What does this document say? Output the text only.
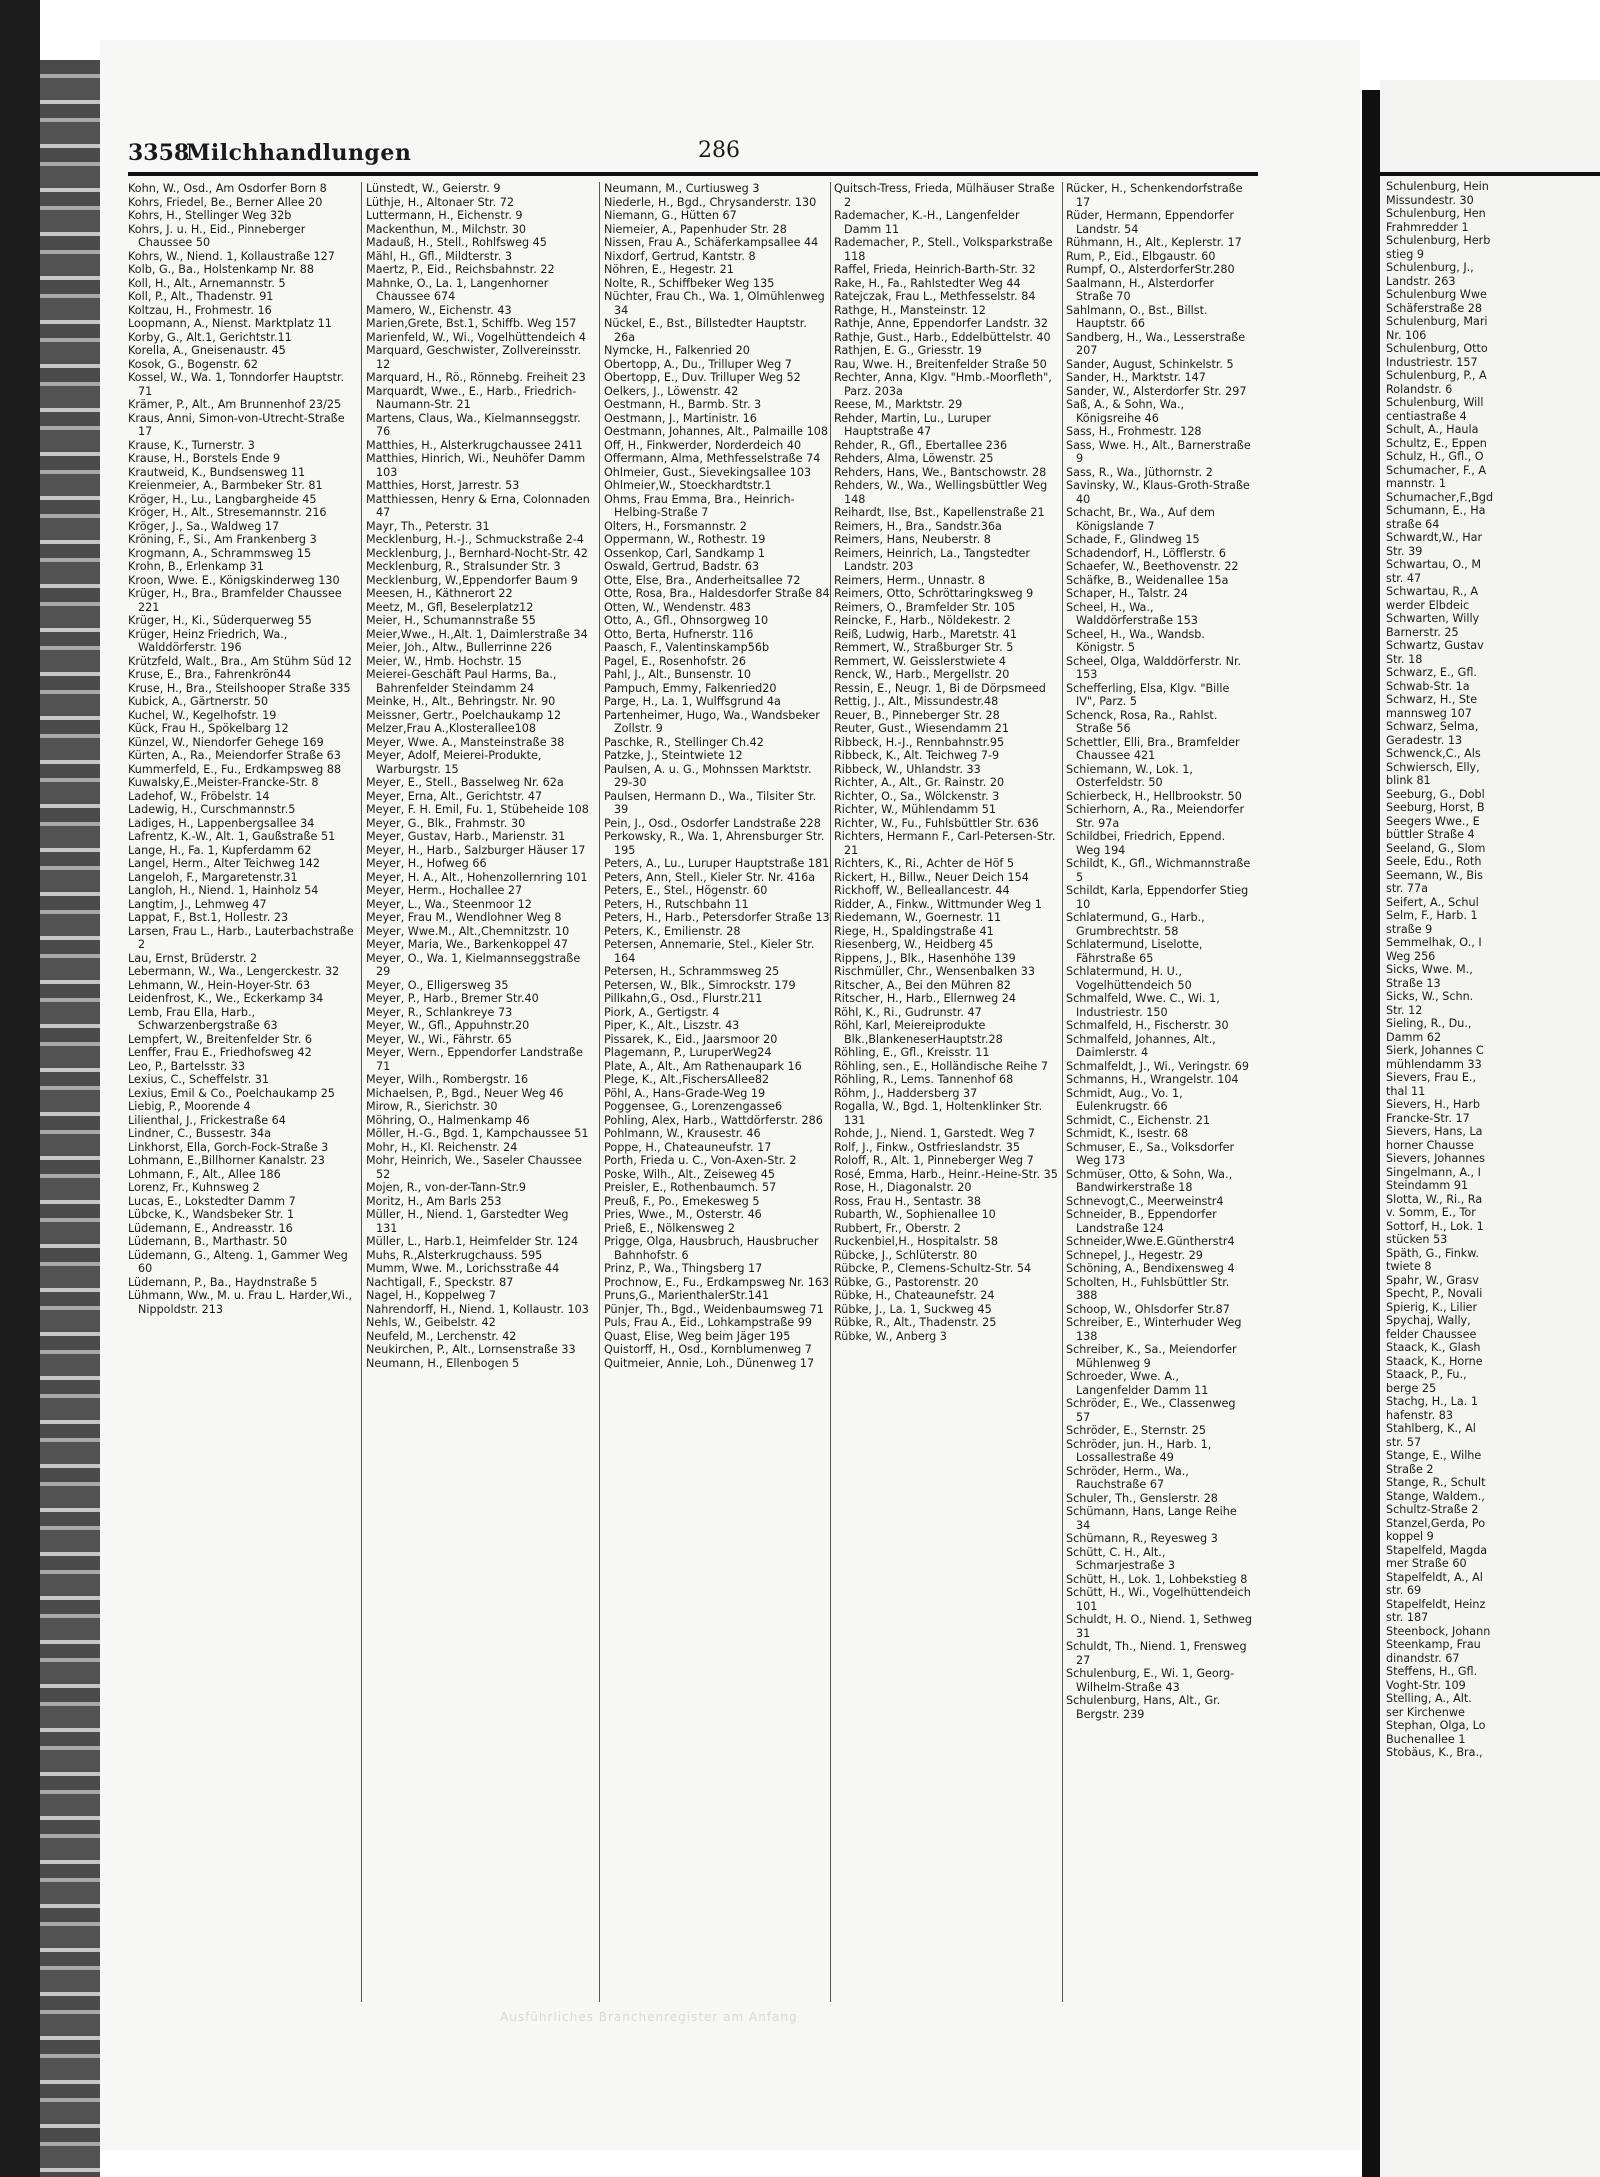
3358
Milchhandlungen	286

Kohn, W., Osd., Am Osdorfer Born 8

Kohrs, Friedel, Be., Berner Allee 20

Kohrs, H., Stellinger Weg 32b

Kohrs, J. u. H., Eid., Pinneberger Chaussee 50

Kohrs, W., Niend. 1, Kollaustraße 127

Kolb, G., Ba., Holstenkamp Nr. 88

Koll, H., Alt., Arnemannstr. 5

Koll, P., Alt., Thadenstr. 91

Koltzau, H., Frohmestr. 16

Loopmann, A., Nienst. Marktplatz 11

Korby, G., Alt.1, Gerichtstr.11

Korella, A., Gneisenaustr. 45

Kosok, G., Bogenstr. 62

Kossel, W., Wa. 1, Tonndorfer Hauptstr. 71

Krämer, P., Alt., Am Brunnenhof 23/25

Kraus, Anni, Simon-von-Utrecht-Straße 17

Krause, K., Turnerstr. 3

Krause, H., Borstels Ende 9

Krautweid, K., Bundsensweg 11

Kreienmeier, A., Barmbeker Str. 81

Kröger, H., Lu., Langbargheide 45

Kröger, H., Alt., Stresemannstr. 216

Kröger, J., Sa., Waldweg 17

Kröning, F., Si., Am Frankenberg 3

Krogmann, A., Schrammsweg 15

Krohn, B., Erlenkamp 31

Kroon, Wwe. E., Königskinderweg 130

Krüger, H., Bra., Bramfelder Chaussee 221

Krüger, H., Ki., Süderquerweg 55

Krüger, Heinz Friedrich, Wa., Walddörferstr. 196

Krützfeld, Walt., Bra., Am Stühm Süd 12

Kruse, E., Bra., Fahrenkrön44

Kruse, H., Bra., Steilshooper Straße 335

Kubick, A., Gärtnerstr. 50

Kuchel, W., Kegelhofstr. 19

Kück, Frau H., Spökelbarg 12

Künzel, W., Niendorfer Gehege 169

Kürten, A., Ra., Meiendorfer Straße 63

Kummerfeld, E., Fu., Erdkampsweg 88

Kuwalsky,E.,Meister-Francke-Str. 8

Ladehof, W., Fröbelstr. 14

Ladewig, H., Curschmannstr.5

Ladiges, H., Lappenbergsallee 34

Lafrentz, K.-W., Alt. 1, Gaußstraße 51

Lange, H., Fa. 1, Kupferdamm 62

Langel, Herm., Alter Teichweg 142

Langeloh, F., Margaretenstr.31

Langloh, H., Niend. 1, Hainholz 54

Langtim, J., Lehmweg 47

Lappat, F., Bst.1, Hollestr. 23

Larsen, Frau L., Harb., Lauterbachstraße 2

Lau, Ernst, Brüderstr. 2

Lebermann, W., Wa., Lengerckestr. 32

Lehmann, W., Hein-Hoyer-Str. 63

Leidenfrost, K., We., Eckerkamp 34

Lemb, Frau Ella, Harb., Schwarzenbergstraße 63

Lempfert, W., Breitenfelder Str. 6

Lenffer, Frau E., Friedhofsweg 42

Leo, P., Bartelsstr. 33

Lexius, C., Scheffelstr. 31

Lexius, Emil & Co., Poelchaukamp 25

Liebig, P., Moorende 4

Lilienthal, J., Frickestraße 64

Lindner, C., Bussestr. 34a

Linkhorst, Ella, Gorch-Fock-Straße 3

Lohmann, E.,Billhorner Kanalstr. 23

Lohmann, F., Alt., Allee 186

Lorenz, Fr., Kuhnsweg 2

Lucas, E., Lokstedter Damm 7

Lübcke, K., Wandsbeker Str. 1

Lüdemann, E., Andreasstr. 16

Lüdemann, B., Marthastr. 50

Lüdemann, G., Alteng. 1, Gammer Weg 60

Lüdemann, P., Ba., Haydnstraße 5

Lühmann, Ww., M. u. Frau L. Harder,Wi., Nippoldstr. 213

Lünstedt, W., Geierstr. 9

Lüthje, H., Altonaer Str. 72

Luttermann, H., Eichenstr. 9

Mackenthun, M., Milchstr. 30

Madauß, H., Stell., Rohlfsweg 45

Mähl, H., Gfl., Mildterstr. 3

Maertz, P., Eid., Reichsbahnstr. 22

Mahnke, O., La. 1, Langenhorner Chaussee 674

Mamero, W., Eichenstr. 43

Marien,Grete, Bst.1, Schiffb. Weg 157

Marienfeld, W., Wi., Vogelhüttendeich 4

Marquard, Geschwister, Zollvereinsstr. 12

Marquard, H., Rö., Rönnebg. Freiheit 23

Marquardt, Wwe., E., Harb., Friedrich-Naumann-Str. 21

Martens, Claus, Wa., Kielmannseggstr. 76

Matthies, H., Alsterkrugchaussee 2411

Matthies, Hinrich, Wi., Neuhöfer Damm 103

Matthies, Horst, Jarrestr. 53

Matthiessen, Henry & Erna, Colonnaden 47

Mayr, Th., Peterstr. 31

Mecklenburg, H.-J., Schmuckstraße 2-4

Mecklenburg, J., Bernhard-Nocht-Str. 42

Mecklenburg, R., Stralsunder Str. 3

Mecklenburg, W.,Eppendorfer Baum 9

Meesen, H., Käthnerort 22

Meetz, M., Gfl, Beselerplatz12

Meier, H., Schumannstraße 55

Meier,Wwe., H.,Alt. 1, Daimlerstraße 34

Meier, Joh., Altw., Bullerrinne 226

Meier, W., Hmb. Hochstr. 15

Meierei-Geschäft Paul Harms, Ba., Bahrenfelder Steindamm 24

Meinke, H., Alt., Behringstr. Nr. 90

Meissner, Gertr., Poelchaukamp 12

Melzer,Frau A.,Klosterallee108

Meyer, Wwe. A., Mansteinstraße 38

Meyer, Adolf, Meierei-Produkte, Warburgstr. 15

Meyer, E., Stell., Basselweg Nr. 62a

Meyer, Erna, Alt., Gerichtstr. 47

Meyer, F. H. Emil, Fu. 1, Stübeheide 108

Meyer, G., Blk., Frahmstr. 30

Meyer, Gustav, Harb., Marienstr. 31

Meyer, H., Harb., Salzburger Häuser 17

Meyer, H., Hofweg 66

Meyer, H. A., Alt., Hohenzollernring 101

Meyer, Herm., Hochallee 27

Meyer, L., Wa., Steenmoor 12

Meyer, Frau M., Wendlohner Weg 8

Meyer, Wwe.M., Alt.,Chemnitzstr. 10

Meyer, Maria, We., Barkenkoppel 47

Meyer, O., Wa. 1, Kielmannseggstraße 29

Meyer, O., Elligersweg 35

Meyer, P., Harb., Bremer Str.40

Meyer, R., Schlankreye 73

Meyer, W., Gfl., Appuhnstr.20

Meyer, W., Wi., Fährstr. 65

Meyer, Wern., Eppendorfer Landstraße 71

Meyer, Wilh., Rombergstr. 16

Michaelsen, P., Bgd., Neuer Weg 46

Mirow, R., Sierichstr. 30

Möhring, O., Halmenkamp 46

Möller, H.-G., Bgd. 1, Kampchaussee 51

Mohr, H., Kl. Reichenstr. 24

Mohr, Heinrich, We., Saseler Chaussee 52

Mojen, R., von-der-Tann-Str.9

Moritz, H., Am Barls 253

Müller, H., Niend. 1, Garstedter Weg 131

Müller, L., Harb.1, Heimfelder Str. 124

Muhs, R.,Alsterkrugchauss. 595

Mumm, Wwe. M., Lorichsstraße 44

Nachtigall, F., Speckstr. 87

Nagel, H., Koppelweg 7

Nahrendorff, H., Niend. 1, Kollaustr. 103

Nehls, W., Geibelstr. 42

Neufeld, M., Lerchenstr. 42

Neukirchen, P., Alt., Lornsenstraße 33

Neumann, H., Ellenbogen 5

Neumann, M., Curtiusweg 3

Niederle, H., Bgd., Chrysanderstr. 130

Niemann, G., Hütten 67

Niemeier, A., Papenhuder Str. 28

Nissen, Frau A., Schäferkampsallee 44

Nixdorf, Gertrud, Kantstr. 8

Nöhren, E., Hegestr. 21

Nolte, R., Schiffbeker Weg 135

Nüchter, Frau Ch., Wa. 1, Olmühlenweg 34

Nückel, E., Bst., Billstedter Hauptstr. 26a

Nymcke, H., Falkenried 20

Obertopp, A., Du., Trilluper Weg 7

Obertopp, E., Duv. Trilluper Weg 52

Oelkers, J., Löwenstr. 42

Oestmann, H., Barmb. Str. 3

Oestmann, J., Martinistr. 16

Oestmann, Johannes, Alt., Palmaille 108

Off, H., Finkwerder, Norderdeich 40

Offermann, Alma, Methfesselstraße 74

Ohlmeier, Gust., Sievekingsallee 103

Ohlmeier,W., Stoeckhardtstr.1

Ohms, Frau Emma, Bra., Heinrich-Helbing-Straße 7

Olters, H., Forsmannstr. 2

Oppermann, W., Rothestr. 19

Ossenkop, Carl, Sandkamp 1

Oswald, Gertrud, Badstr. 63

Otte, Else, Bra., Anderheitsallee 72

Otte, Rosa, Bra., Haldesdorfer Straße 84

Otten, W., Wendenstr. 483

Otto, A., Gfl., Ohnsorgweg 10

Otto, Berta, Hufnerstr. 116

Paasch, F., Valentinskamp56b

Pagel, E., Rosenhofstr. 26

Pahl, J., Alt., Bunsenstr. 10

Pampuch, Emmy, Falkenried20

Parge, H., La. 1, Wulffsgrund 4a

Partenheimer, Hugo, Wa., Wandsbeker Zollstr. 9

Paschke, R., Stellinger Ch.42

Patzke, J., Steintwiete 12

Paulsen, A. u. G., Mohnssen Marktstr. 29-30

Paulsen, Hermann D., Wa., Tilsiter Str. 39

Pein, J., Osd., Osdorfer Landstraße 228

Perkowsky, R., Wa. 1, Ahrensburger Str. 195

Peters, A., Lu., Luruper Hauptstraße 181

Peters, Ann, Stell., Kieler Str. Nr. 416a

Peters, E., Stel., Högenstr. 60

Peters, H., Rutschbahn 11

Peters, H., Harb., Petersdorfer Straße 13

Peters, K., Emilienstr. 28

Petersen, Annemarie, Stel., Kieler Str. 164

Petersen, H., Schrammsweg 25

Petersen, W., Blk., Simrockstr. 179

Pillkahn,G., Osd., Flurstr.211

Piork, A., Gertigstr. 4

Piper, K., Alt., Liszstr. 43

Pissarek, K., Eid., Jaarsmoor 20

Plagemann, P., LuruperWeg24

Plate, A., Alt., Am Rathenaupark 16

Plege, K., Alt.,FischersAllee82

Pöhl, A., Hans-Grade-Weg 19

Poggensee, G., Lorenzengasse6

Pohling, Alex, Harb., Wattdörferstr. 286

Pohlmann, W., Krausestr. 46

Poppe, H., Chateauneufstr. 17

Porth, Frieda u. C., Von-Axen-Str. 2

Poske, Wilh., Alt., Zeiseweg 45

Preisler, E., Rothenbaumch. 57

Preuß, F., Po., Emekesweg 5

Pries, Wwe., M., Osterstr. 46

Prieß, E., Nölkensweg 2

Prigge, Olga, Hausbruch, Hausbrucher Bahnhofstr. 6

Prinz, P., Wa., Thingsberg 17

Prochnow, E., Fu., Erdkampsweg Nr. 163

Pruns,G., MarienthalerStr.141

Pünjer, Th., Bgd., Weidenbaumsweg 71

Puls, Frau A., Eid., Lohkampstraße 99

Quast, Elise, Weg beim Jäger 195

Quistorff, H., Osd., Kornblumenweg 7

Quitmeier, Annie, Loh., Dünenweg 17

Quitsch-Tress, Frieda, Mülhäuser Straße 2

Rademacher, K.-H., Langenfelder Damm 11

Rademacher, P., Stell., Volksparkstraße 118

Raffel, Frieda, Heinrich-Barth-Str. 32

Rake, H., Fa., Rahlstedter Weg 44

Ratejczak, Frau L., Methfesselstr. 84

Rathge, H., Mansteinstr. 12

Rathje, Anne, Eppendorfer Landstr. 32

Rathje, Gust., Harb., Eddelbüttelstr. 40

Rathjen, E. G., Griesstr. 19

Rau, Wwe. H., Breitenfelder Straße 50

Rechter, Anna, Klgv. "Hmb.-Moorfleth", Parz. 203a

Reese, M., Marktstr. 29

Rehder, Martin, Lu., Luruper Hauptstraße 47

Rehder, R., Gfl., Ebertallee 236

Rehders, Alma, Löwenstr. 25

Rehders, Hans, We., Bantschowstr. 28

Rehders, W., Wa., Wellingsbüttler Weg 148

Reihardt, Ilse, Bst., Kapellenstraße 21

Reimers, H., Bra., Sandstr.36a

Reimers, Hans, Neuberstr. 8

Reimers, Heinrich, La., Tangstedter Landstr. 203

Reimers, Herm., Unnastr. 8

Reimers, Otto, Schröttaringksweg 9

Reimers, O., Bramfelder Str. 105

Reincke, F., Harb., Nöldekestr. 2

Reiß, Ludwig, Harb., Maretstr. 41

Remmert, W., Straßburger Str. 5

Remmert, W. Geisslerstwiete 4

Renck, W., Harb., Mergellstr. 20

Ressin, E., Neugr. 1, Bi de Dörpsmeed

Rettig, J., Alt., Missundestr.48

Reuer, B., Pinneberger Str. 28

Reuter, Gust., Wiesendamm 21

Ribbeck, H.-J., Rennbahnstr.95

Ribbeck, K., Alt. Teichweg 7-9

Ribbeck, W., Uhlandstr. 33

Richter, A., Alt., Gr. Rainstr. 20

Richter, O., Sa., Wölckenstr. 3

Richter, W., Mühlendamm 51

Richter, W., Fu., Fuhlsbüttler Str. 636

Richters, Hermann F., Carl-Petersen-Str. 21

Richters, K., Ri., Achter de Höf 5

Rickert, H., Billw., Neuer Deich 154

Rickhoff, W., Belleallancestr. 44

Ridder, A., Finkw., Wittmunder Weg 1

Riedemann, W., Goernestr. 11

Riege, H., Spaldingstraße 41

Riesenberg, W., Heidberg 45

Rippens, J., Blk., Hasenhöhe 139

Rischmüller, Chr., Wensenbalken 33

Ritscher, A., Bei den Mühren 82

Ritscher, H., Harb., Ellernweg 24

Röhl, K., Ri., Gudrunstr. 47

Röhl, Karl, Meiereiprodukte Blk.,BlankeneserHauptstr.28

Röhling, E., Gfl., Kreisstr. 11

Röhling, sen., E., Holländische Reihe 7

Röhling, R., Lems. Tannenhof 68

Röhm, J., Haddersberg 37

Rogalla, W., Bgd. 1, Holtenklinker Str. 131

Rohde, J., Niend. 1, Garstedt. Weg 7

Rolf, J., Finkw., Ostfrieslandstr. 35

Roloff, R., Alt. 1, Pinneberger Weg 7

Rosé, Emma, Harb., Heinr.-Heine-Str. 35

Rose, H., Diagonalstr. 20

Ross, Frau H., Sentastr. 38

Rubarth, W., Sophienallee 10

Rubbert, Fr., Oberstr. 2

Ruckenbiel,H., Hospitalstr. 58

Rübcke, J., Schlüterstr. 80

Rübcke, P., Clemens-Schultz-Str. 54

Rübke, G., Pastorenstr. 20

Rübke, H., Chateaunefstr. 24

Rübke, J., La. 1, Suckweg 45

Rübke, R., Alt., Thadenstr. 25

Rübke, W., Anberg 3

Rücker, H., Schenkendorfstraße 17

Rüder, Hermann, Eppendorfer Landstr. 54

Rühmann, H., Alt., Keplerstr. 17

Rum, P., Eid., Elbgaustr. 60

Rumpf, O., AlsterdorferStr.280

Saalmann, H., Alsterdorfer Straße 70

Sahlmann, O., Bst., Billst. Hauptstr. 66

Sandberg, H., Wa., Lesserstraße 207

Sander, August, Schinkelstr. 5

Sander, H., Marktstr. 147

Sander, W., Alsterdorfer Str. 297

Saß, A., & Sohn, Wa., Königsreihe 46

Sass, H., Frohmestr. 128

Sass, Wwe. H., Alt., Barnerstraße 9

Sass, R., Wa., Jüthornstr. 2

Savinsky, W., Klaus-Groth-Straße 40

Schacht, Br., Wa., Auf dem Königslande 7

Schade, F., Glindweg 15

Schadendorf, H., Löfflerstr. 6

Schaefer, W., Beethovenstr. 22

Schäfke, B., Weidenallee 15a

Schaper, H., Talstr. 24

Scheel, H., Wa., Walddörferstraße 153

Scheel, H., Wa., Wandsb. Königstr. 5

Scheel, Olga, Walddörferstr. Nr. 153

Schefferling, Elsa, Klgv. "Bille IV", Parz. 5

Schenck, Rosa, Ra., Rahlst. Straße 56

Schettler, Elli, Bra., Bramfelder Chaussee 421

Schiemann, W., Lok. 1, Osterfeldstr. 50

Schierbeck, H., Hellbrookstr. 50

Schierhorn, A., Ra., Meiendorfer Str. 97a

Schildbei, Friedrich, Eppend. Weg 194

Schildt, K., Gfl., Wichmannstraße 5

Schildt, Karla, Eppendorfer Stieg 10

Schlatermund, G., Harb., Grumbrechtstr. 58

Schlatermund, Liselotte, Fährstraße 65

Schlatermund, H. U., Vogelhüttendeich 50

Schmalfeld, Wwe. C., Wi. 1, Industriestr. 150

Schmalfeld, H., Fischerstr. 30

Schmalfeld, Johannes, Alt., Daimlerstr. 4

Schmalfeldt, J., Wi., Veringstr. 69

Schmanns, H., Wrangelstr. 104

Schmidt, Aug., Vo. 1, Eulenkrugstr. 66

Schmidt, C., Eichenstr. 21

Schmidt, K., Isestr. 68

Schmuser, E., Sa., Volksdorfer Weg 173

Schmüser, Otto, & Sohn, Wa., Bandwirkerstraße 18

Schnevogt,C., Meerweinstr4

Schneider, B., Eppendorfer Landstraße 124

Schneider,Wwe.E.Güntherstr4

Schnepel, J., Hegestr. 29

Schöning, A., Bendixensweg 4

Scholten, H., Fuhlsbüttler Str. 388

Schoop, W., Ohlsdorfer Str.87

Schreiber, E., Winterhuder Weg 138

Schreiber, K., Sa., Meiendorfer Mühlenweg 9

Schroeder, Wwe. A., Langenfelder Damm 11

Schröder, E., We., Classenweg 57

Schröder, E., Sternstr. 25

Schröder, jun. H., Harb. 1, Lossallestraße 49

Schröder, Herm., Wa., Rauchstraße 67

Schuler, Th., Genslerstr. 28

Schümann, Hans, Lange Reihe 34

Schümann, R., Reyesweg 3

Schütt, C. H., Alt., Schmarjestraße 3

Schütt, H., Lok. 1, Lohbekstieg 8

Schütt, H., Wi., Vogelhüttendeich 101

Schuldt, H. O., Niend. 1, Sethweg 31

Schuldt, Th., Niend. 1, Frensweg 27

Schulenburg, E., Wi. 1, Georg-Wilhelm-Straße 43

Schulenburg, Hans, Alt., Gr. Bergstr. 239

Ausführliches Branchenregister am Anfang

Schulenburg, Hein

Missundestr. 30

Schulenburg, Hen

Frahmredder 1

Schulenburg, Herb

stieg 9

Schulenburg, J.,

Landstr. 263

Schulenburg Wwe

Schäferstraße 28

Schulenburg, Mari

Nr. 106

Schulenburg, Otto

Industriestr. 157

Schulenburg, P., A

Rolandstr. 6

Schulenburg, Will

centiastraße 4

Schult, A., Haula

Schultz, E., Eppen

Schulz, H., Gfl., O

Schumacher, F., A

mannstr. 1

Schumacher,F.,Bgd

Schumann, E., Ha

straße 64

Schwardt,W., Har

Str. 39

Schwartau, O., M

str. 47

Schwartau, R., A

werder Elbdeic

Schwarten, Willy

Barnerstr. 25

Schwartz, Gustav

Str. 18

Schwarz, E., Gfl.

Schwab-Str. 1a

Schwarz, H., Ste

mannsweg 107

Schwarz, Selma,

Geradestr. 13

Schwenck,C., Als

Schwiersch, Elly,

blink 81

Seeburg, G., Dobl

Seeburg, Horst, B

Seegers Wwe., E

büttler Straße 4

Seeland, G., Slom

Seele, Edu., Roth

Seemann, W., Bis

str. 77a

Seifert, A., Schul

Selm, F., Harb. 1

straße 9

Semmelhak, O., I

Weg 256

Sicks, Wwe. M.,

Straße 13

Sicks, W., Schn.

Str. 12

Sieling, R., Du.,

Damm 62

Sierk, Johannes C

mühlendamm 33

Sievers, Frau E.,

thal 11

Sievers, H., Harb

Francke-Str. 17

Sievers, Hans, La

horner Chausse

Sievers, Johannes

Singelmann, A., I

Steindamm 91

Slotta, W., Ri., Ra

v. Somm, E., Tor

Sottorf, H., Lok. 1

stücken 53

Späth, G., Finkw.

twiete 8

Spahr, W., Grasv

Specht, P., Novali

Spierig, K., Lilier

Spychaj, Wally,

felder Chaussee

Staack, K., Glash

Staack, K., Horne

Staack, P., Fu.,

berge 25

Stachg, H., La. 1

hafenstr. 83

Stahlberg, K., Al

str. 57

Stange, E., Wilhe

Straße 2

Stange, R., Schult

Stange, Waldem.,

Schultz-Straße 2

Stanzel,Gerda, Po

koppel 9

Stapelfeld, Magda

mer Straße 60

Stapelfeldt, A., Al

str. 69

Stapelfeldt, Heinz

str. 187

Steenbock, Johann

Steenkamp, Frau

dinandstr. 67

Steffens, H., Gfl.

Voght-Str. 109

Stelling, A., Alt.

ser Kirchenwe

Stephan, Olga, Lo

Buchenallee 1

Stobäus, K., Bra.,
